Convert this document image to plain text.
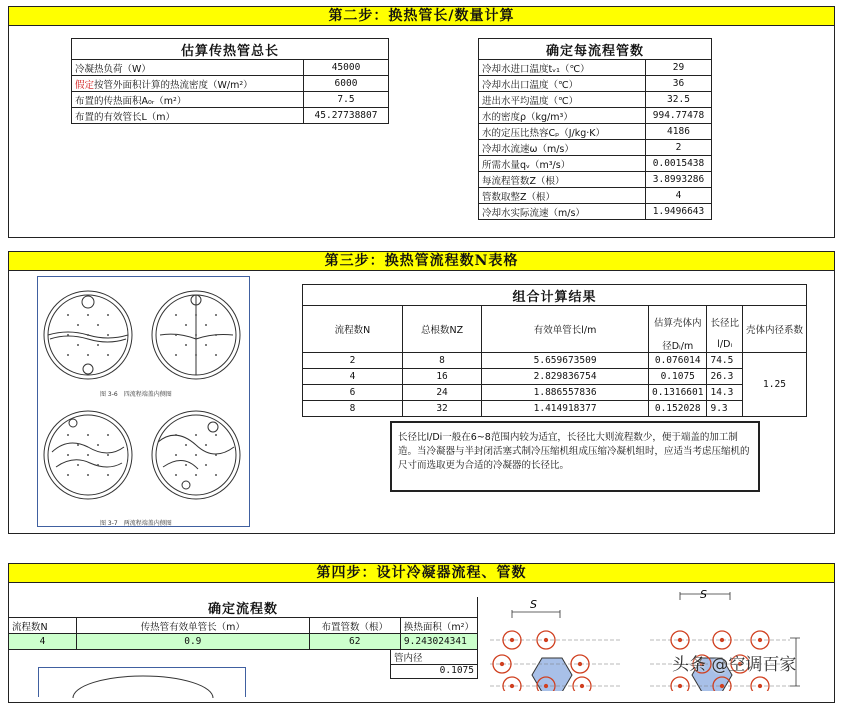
第二步：换热管长/数量计算
估算传热管总长	
冷凝热负荷（W）	45000
假定按管外面积计算的热流密度（W/m²）	6000
布置的传热面积A₀ᵣ（m²）	7.5
布置的有效管长L（m）	45.27738807
确定每流程管数	
冷却水进口温度tᵥ₁（℃）	29
冷却水出口温度（℃）	36
进出水平均温度（℃）	32.5
水的密度ρ（kg/m³）	994.77478
水的定压比热容Cₚ（J/kg·K）	4186
冷却水流速ω（m/s）	2
所需水量qᵥ（m³/s）	0.0015438
每流程管数Z（根）	3.8993286
管数取整Z（根）	4
冷却水实际流速（m/s）	1.9496643
第三步：换热管流程数N表格
图 3-6　四流程端盖内侧图
图 3-7　两流程端盖内侧图
组合计算结果					
流程数N	总根数NZ	有效单管长l/m	估算壳体内	长径比	壳体内径系数
			径Dᵢ/m	l/Dᵢ	
2	8	5.659673509	0.076014	74.5	1.25
4	16	2.829836754	0.1075	26.3	
6	24	1.886557836	0.1316601	14.3	
8	32	1.414918377	0.152028	9.3	
长径比l/Di一般在6~8范围内较为适宜，长径比大则流程数少，便于端盖的加工制造。当冷凝器与半封闭活塞式制冷压缩机组成压缩冷凝机组时，应适当考虑压缩机的尺寸而选取更为合适的冷凝器的长径比。
第四步：设计冷凝器流程、管数
确定流程数			
流程数N	传热管有效单管长（m）	布置管数（根）	换热面积（m²）
4	0.9	62	9.243024341
管内径
0.1075
S
S
头条 @空调百家
